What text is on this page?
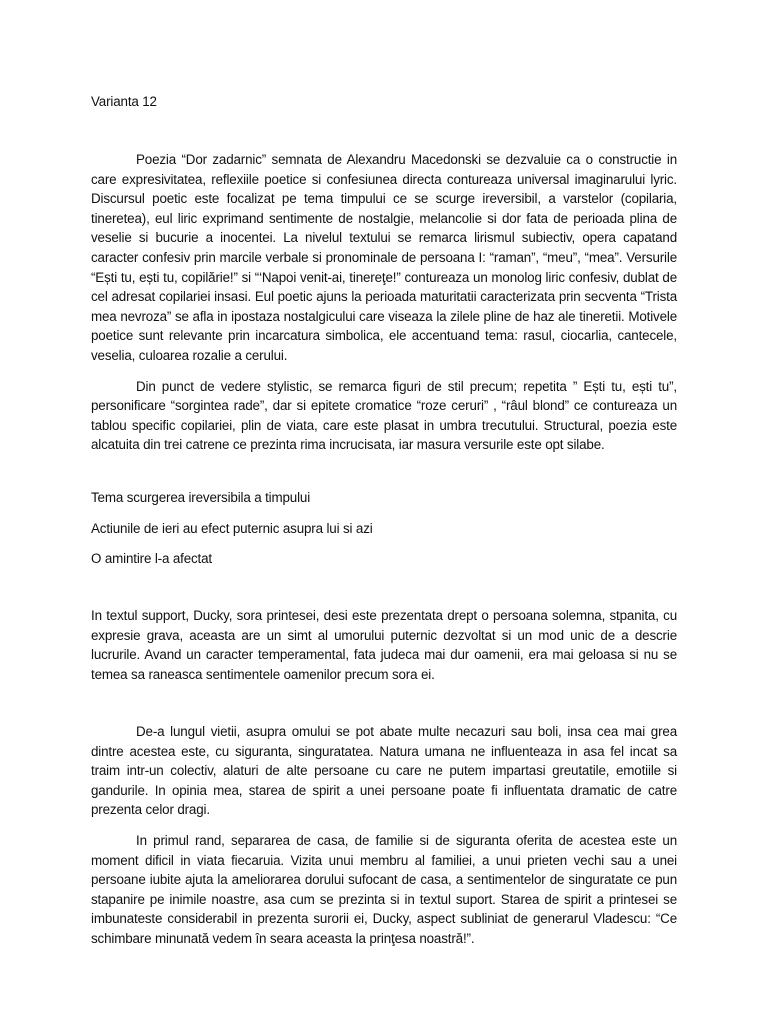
Varianta 12

Poezia “Dor zadarnic” semnata de Alexandru Macedonski se dezvaluie ca o constructie in care expresivitatea, reflexiile poetice si confesiunea directa contureaza universal imaginarului lyric. Discursul poetic este focalizat pe tema timpului ce se scurge ireversibil, a varstelor (copilaria, tineretea), eul liric exprimand sentimente de nostalgie, melancolie si dor fata de perioada plina de veselie si bucurie a inocentei. La nivelul textului se remarca lirismul subiectiv, opera capatand caracter confesiv prin marcile verbale si pronominale de persoana I: “raman”, “meu”, “mea”. Versurile “Ești tu, ești tu, copilărie!” si “‘Napoi venit-ai, tinereţe!” contureaza un monolog liric confesiv, dublat de cel adresat copilariei insasi. Eul poetic ajuns la perioada maturitatii caracterizata prin secventa “Trista mea nevroza” se afla in ipostaza nostalgicului care viseaza la zilele pline de haz ale tineretii. Motivele poetice sunt relevante prin incarcatura simbolica, ele accentuand tema: rasul, ciocarlia, cantecele, veselia, culoarea rozalie a cerului.

Din punct de vedere stylistic, se remarca figuri de stil precum; repetita ” Ești tu, ești tu”, personificare “sorgintea rade”, dar si epitete cromatice “roze ceruri” , “râul blond” ce contureaza un tablou specific copilariei, plin de viata, care este plasat in umbra trecutului. Structural, poezia este alcatuita din trei catrene ce prezinta rima incrucisata, iar masura versurile este opt silabe.

Tema scurgerea ireversibila a timpului

Actiunile de ieri au efect puternic asupra lui si azi

O amintire l-a afectat

In textul support, Ducky, sora printesei, desi este prezentata drept o persoana solemna, stpanita, cu expresie grava, aceasta are un simt al umorului puternic dezvoltat si un mod unic de a descrie lucrurile. Avand un caracter temperamental, fata judeca mai dur oamenii, era mai geloasa si nu se temea sa raneasca sentimentele oamenilor precum sora ei.

De-a lungul vietii, asupra omului se pot abate multe necazuri sau boli, insa cea mai grea dintre acestea este, cu siguranta, singuratatea. Natura umana ne influenteaza in asa fel incat sa traim intr-un colectiv, alaturi de alte persoane cu care ne putem impartasi greutatile, emotiile si gandurile. In opinia mea, starea de spirit a unei persoane poate fi influentata dramatic de catre prezenta celor dragi.

In primul rand, separarea de casa, de familie si de siguranta oferita de acestea este un moment dificil in viata fiecaruia. Vizita unui membru al familiei, a unui prieten vechi sau a unei persoane iubite ajuta la ameliorarea dorului sufocant de casa, a sentimentelor de singuratate ce pun stapanire pe inimile noastre, asa cum se prezinta si in textul suport. Starea de spirit a printesei se imbunateste considerabil in prezenta surorii ei, Ducky, aspect subliniat de generarul Vladescu: “Ce schimbare minunată vedem în seara aceasta la prinţesa noastră!”.
